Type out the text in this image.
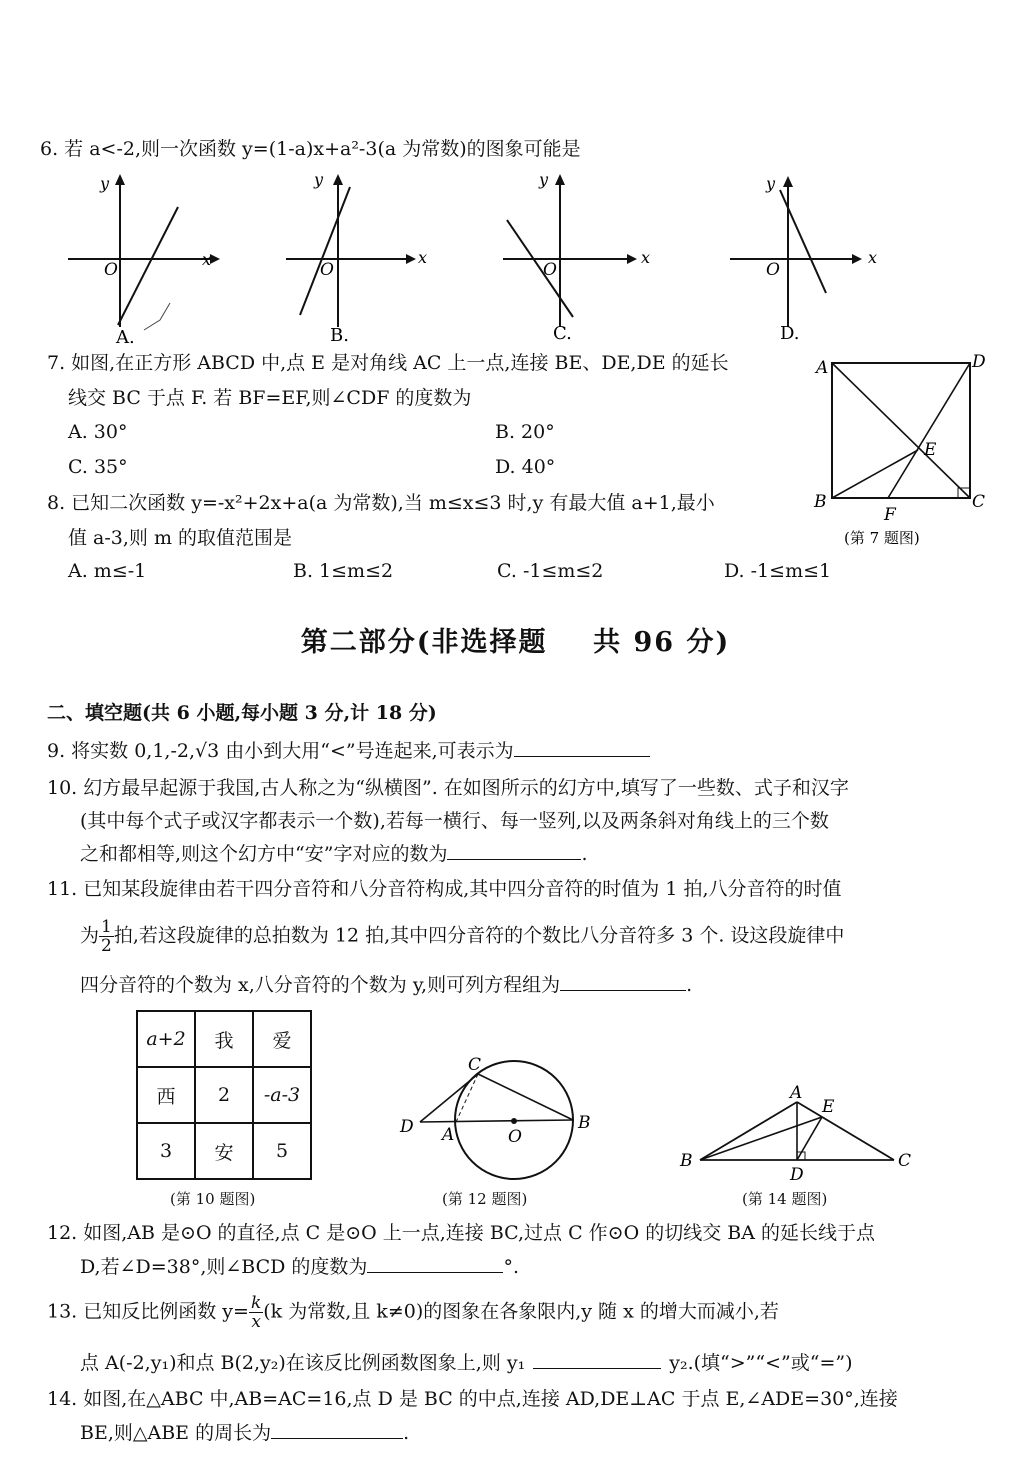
6. 若 a<-2,则一次函数 y=(1-a)x+a²-3(a 为常数)的图象可能是
O
x
y
A.
O
x
y
B.
O
x
y
C.
O
x
y
D.
7. 如图,在正方形 ABCD 中,点 E 是对角线 AC 上一点,连接 BE、DE,DE 的延长
线交 BC 于点 F. 若 BF=EF,则∠CDF 的度数为
A. 30°	B. 20°
C. 35°	D. 40°
A	D
E
B	C
F
(第 7 题图)
8. 已知二次函数 y=-x²+2x+a(a 为常数),当 m≤x≤3 时,y 有最大值 a+1,最小
值 a-3,则 m 的取值范围是
A. m≤-1	B. 1≤m≤2	C. -1≤m≤2	D. -1≤m≤1
第二部分(非选择题    共 96 分)
二、填空题(共 6 小题,每小题 3 分,计 18 分)
9. 将实数 0,1,-2,√3 由小到大用“<”号连起来,可表示为
10. 幻方最早起源于我国,古人称之为“纵横图”. 在如图所示的幻方中,填写了一些数、式子和汉字
(其中每个式子或汉字都表示一个数),若每一横行、每一竖列,以及两条斜对角线上的三个数
之和都相等,则这个幻方中“安”字对应的数为	.
11. 已知某段旋律由若干四分音符和八分音符构成,其中四分音符的时值为 1 拍,八分音符的时值
为 $\frac{1}{2}$ 拍,若这段旋律的总拍数为 12 拍,其中四分音符的个数比八分音符多 3 个. 设这段旋律中
四分音符的个数为 x,八分音符的个数为 y,则可列方程组为	.
a+2	我	爱
西	2	-a-3
3	安	5
(第 10 题图)
C
D A	O
B
(第 12 题图)
A
E
B
D
C
(第 14 题图)
12. 如图,AB 是⊙O 的直径,点 C 是⊙O 上一点,连接 BC,过点 C 作⊙O 的切线交 BA 的延长线于点
D,若∠D=38°,则∠BCD 的度数为	°.
13. 已知反比例函数 $y= \frac{k}{x} (k$ 为常数,且 k≠0)的图象在各象限内,y 随 x 的增大而减小,若
点 A(-2,y₁)和点 B(2,y₂)在该反比例函数图象上,则 y₁	y₂.(填“>”“<”或“=”)
14. 如图,在△ABC 中,AB=AC=16,点 D 是 BC 的中点,连接 AD,DE⊥AC 于点 E,∠ADE=30°,连接
BE,则△ABE 的周长为	.
